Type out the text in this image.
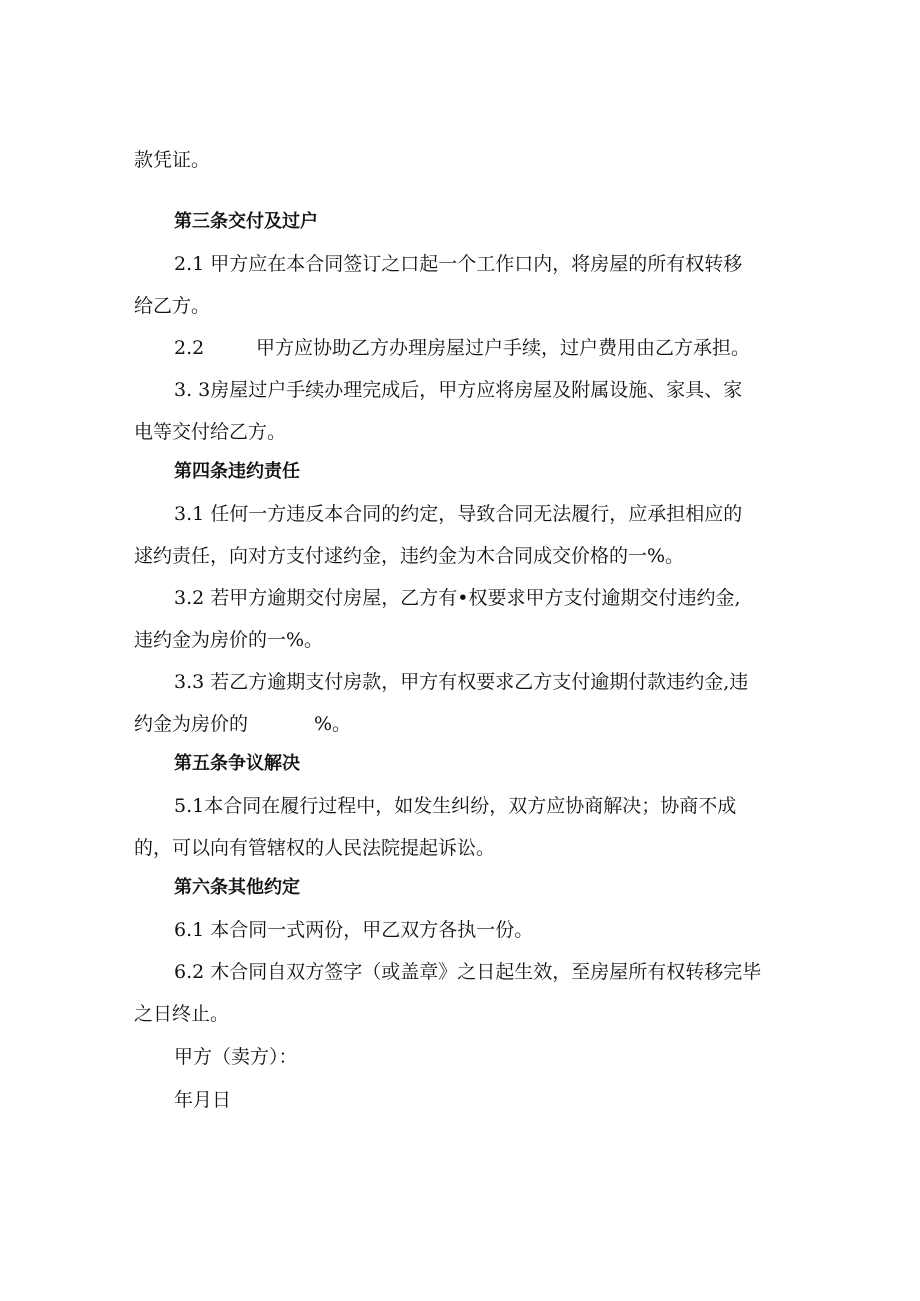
款凭证。
第三条交付及过户
2.1 甲方应在本合同签订之口起一个工作口内，将房屋的所有权转移
给乙方。
2.2	甲方应协助乙方办理房屋过户手续，过户费用由乙方承担。
3. 3房屋过户手续办理完成后，甲方应将房屋及附属设施、家具、家
电等交付给乙方。
第四条违约责任
3.1 任何一方违反本合同的约定，导致合同无法履行，应承担相应的
逑约责任，向对方支付逑约金，违约金为木合同成交价格的一%。
3.2 若甲方逾期交付房屋，乙方有•权要求甲方支付逾期交付违约金,
违约金为房价的一%。
3.3 若乙方逾期支付房款，甲方有权要求乙方支付逾期付款违约金,违
约金为房价的	%。
第五条争议解决
5.1本合同在履行过程中，如发生纠纷，双方应协商解决；协商不成
的，可以向有管辖权的人民法院提起诉讼。
第六条其他约定
6.1 本合同一式两份，甲乙双方各执一份。
6.2 木合同自双方签字（或盖章》之日起生效，至房屋所有权转移完毕
之日终止。
甲方（卖方）：
年月日
